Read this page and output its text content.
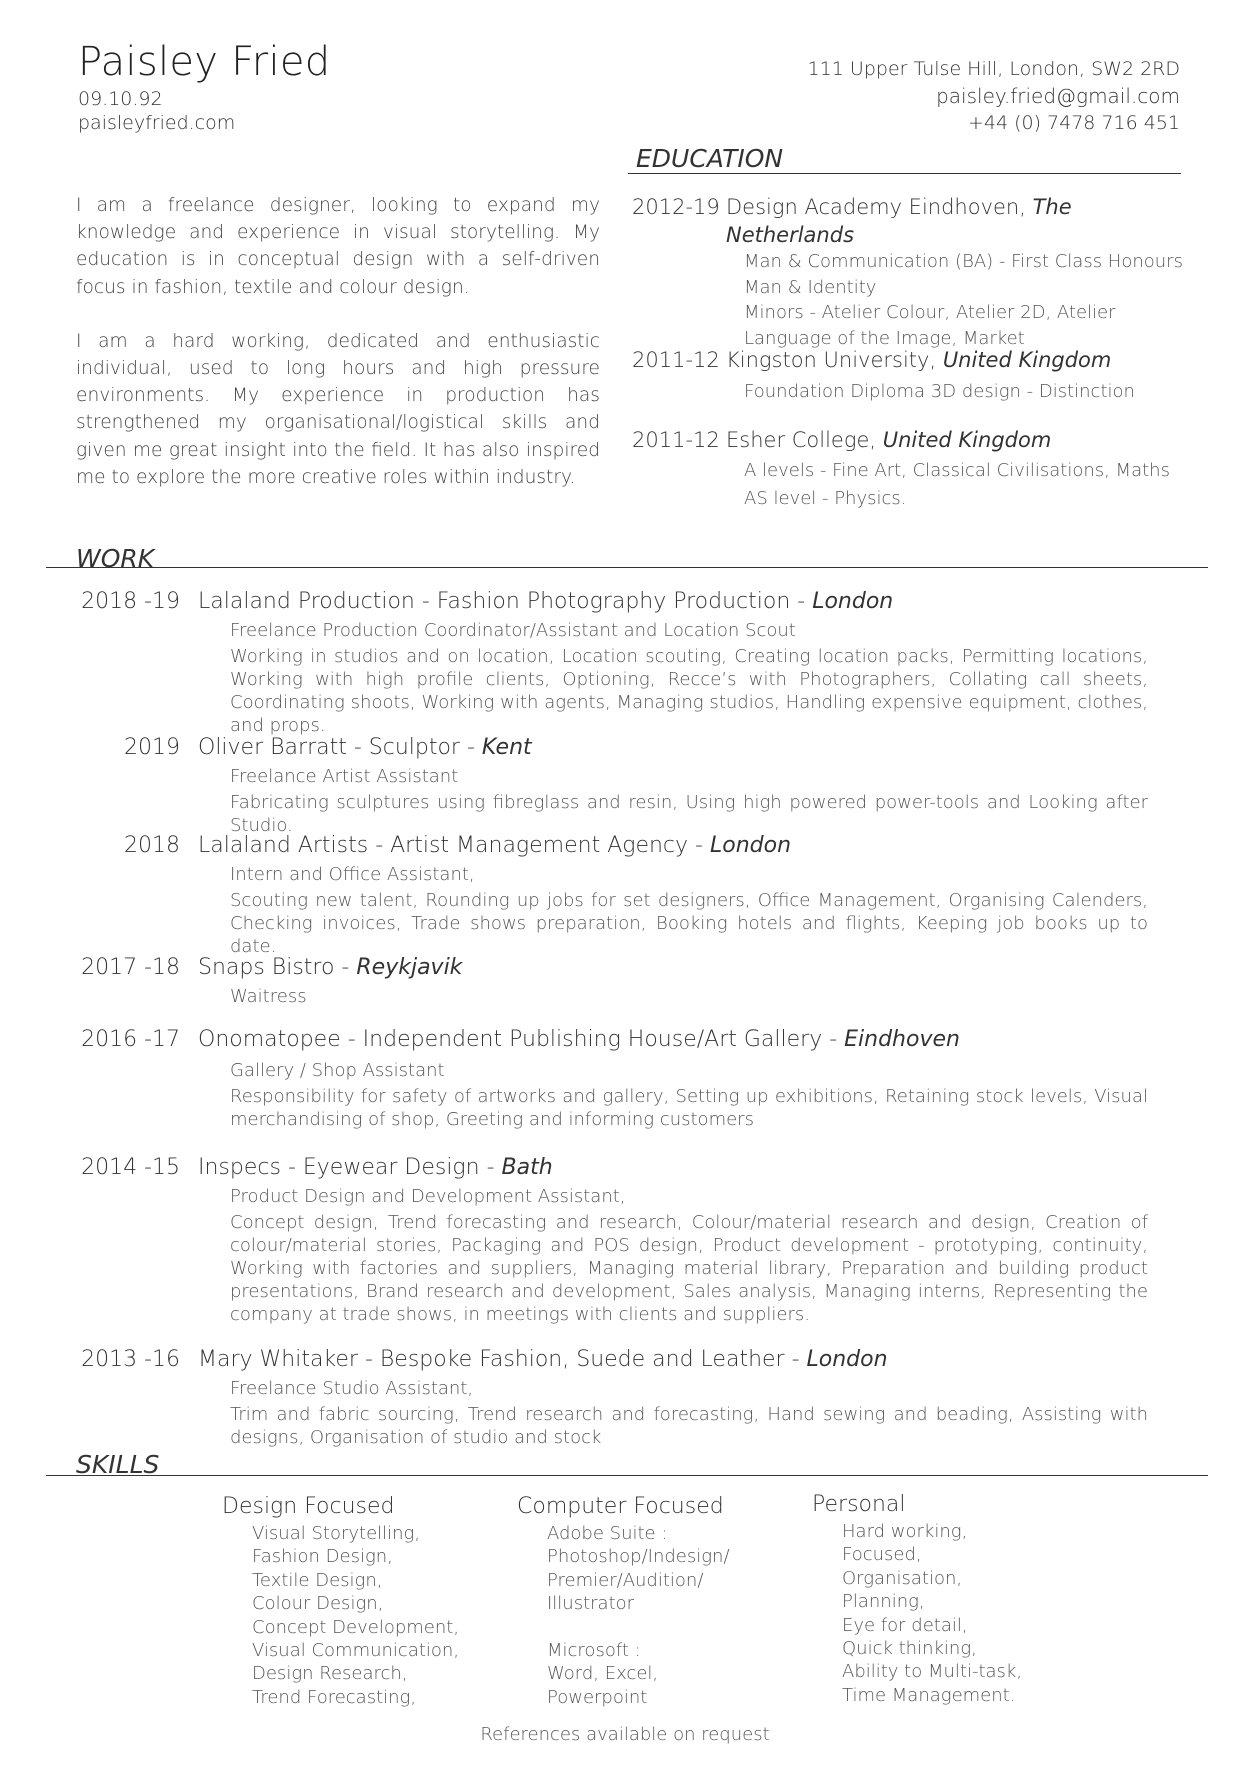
Paisley Fried
09.10.92
paisleyfried.com
111 Upper Tulse Hill, London, SW2 2RD
paisley.fried@gmail.com
+44 (0) 7478 716 451

I am a freelance designer, looking to expand my knowledge and experience in visual storytelling. My education is in conceptual design with a self-driven focus in fashion, textile and colour design.

I am a hard working, dedicated and enthusiastic individual, used to long hours and high pressure environments. My experience in production has strengthened my organisational/logistical skills and given me great insight into the field. It has also inspired me to explore the more creative roles within industry.

EDUCATION
2012-19 Design Academy Eindhoven, The Netherlands
Man & Communication (BA) - First Class Honours
Man & Identity
Minors - Atelier Colour, Atelier 2D, Atelier Language of the Image, Market
2011-12 Kingston University, United Kingdom
Foundation Diploma 3D design - Distinction
2011-12 Esher College, United Kingdom
A levels - Fine Art, Classical Civilisations, Maths
AS level - Physics.
WORK
2018 -19 Lalaland Production - Fashion Photography Production - London
Freelance Production Coordinator/Assistant and Location Scout
Working in studios and on location, Location scouting, Creating location packs, Permitting locations, Working with high profile clients, Optioning, Recce’s with Photographers, Collating call sheets, Coordinating shoots, Working with agents, Managing studios, Handling expensive equipment, clothes, and props.
2019 Oliver Barratt - Sculptor - Kent
Freelance Artist Assistant
Fabricating sculptures using fibreglass and resin, Using high powered power-tools and Looking after Studio.
2018 Lalaland Artists - Artist Management Agency - London
Intern and Office Assistant,
Scouting new talent, Rounding up jobs for set designers, Office Management, Organising Calenders, Checking invoices, Trade shows preparation, Booking hotels and flights, Keeping job books up to date.
2017 -18 Snaps Bistro - Reykjavik
Waitress
2016 -17 Onomatopee - Independent Publishing House/Art Gallery - Eindhoven
Gallery / Shop Assistant
Responsibility for safety of artworks and gallery, Setting up exhibitions, Retaining stock levels, Visual merchandising of shop, Greeting and informing customers
2014 -15 Inspecs - Eyewear Design - Bath
Product Design and Development Assistant,
Concept design, Trend forecasting and research, Colour/material research and design, Creation of colour/material stories, Packaging and POS design, Product development - prototyping, continuity, Working with factories and suppliers, Managing material library, Preparation and building product presentations, Brand research and development, Sales analysis, Managing interns, Representing the company at trade shows, in meetings with clients and suppliers.
2013 -16 Mary Whitaker - Bespoke Fashion, Suede and Leather - London
Freelance Studio Assistant,
Trim and fabric sourcing, Trend research and forecasting, Hand sewing and beading, Assisting with designs, Organisation of studio and stock
SKILLS
Design Focused
Visual Storytelling,
Fashion Design,
Textile Design,
Colour Design,
Concept Development,
Visual Communication,
Design Research,
Trend Forecasting,
Computer Focused
Adobe Suite :
Photoshop/Indesign/
Premier/Audition/
Illustrator
Microsoft :
Word, Excel,
Powerpoint
Personal
Hard working,
Focused,
Organisation,
Planning,
Eye for detail,
Quick thinking,
Ability to Multi-task,
Time Management.
References available on request
